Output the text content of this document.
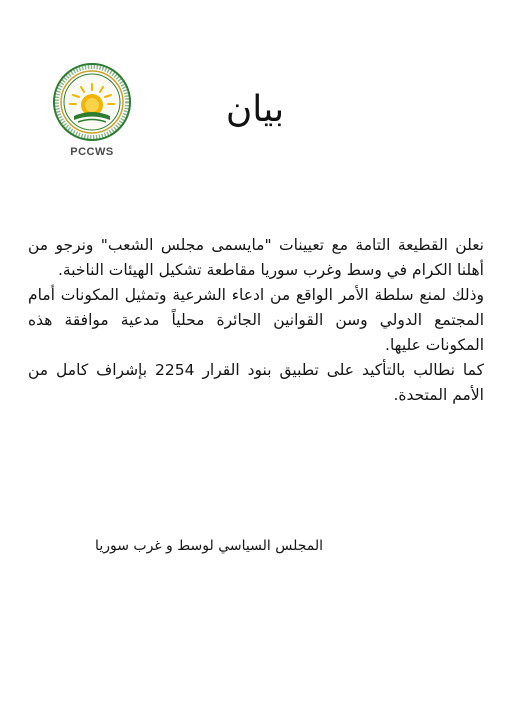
PCCWS
بيان

نعلن القطيعة التامة مع تعيينات "مايسمى مجلس الشعب" ونرجو من أهلنا الكرام في وسط وغرب سوريا مقاطعة تشكيل الهيئات الناخبة.

وذلك لمنع سلطة الأمر الواقع من ادعاء الشرعية وتمثيل المكونات أمام المجتمع الدولي وسن القوانين الجائرة محلياً مدعية موافقة هذه المكونات عليها.

كما نطالب بالتأكيد على تطبيق بنود القرار 2254 بإشراف كامل من الأمم المتحدة.

المجلس السياسي لوسط و غرب سوريا
